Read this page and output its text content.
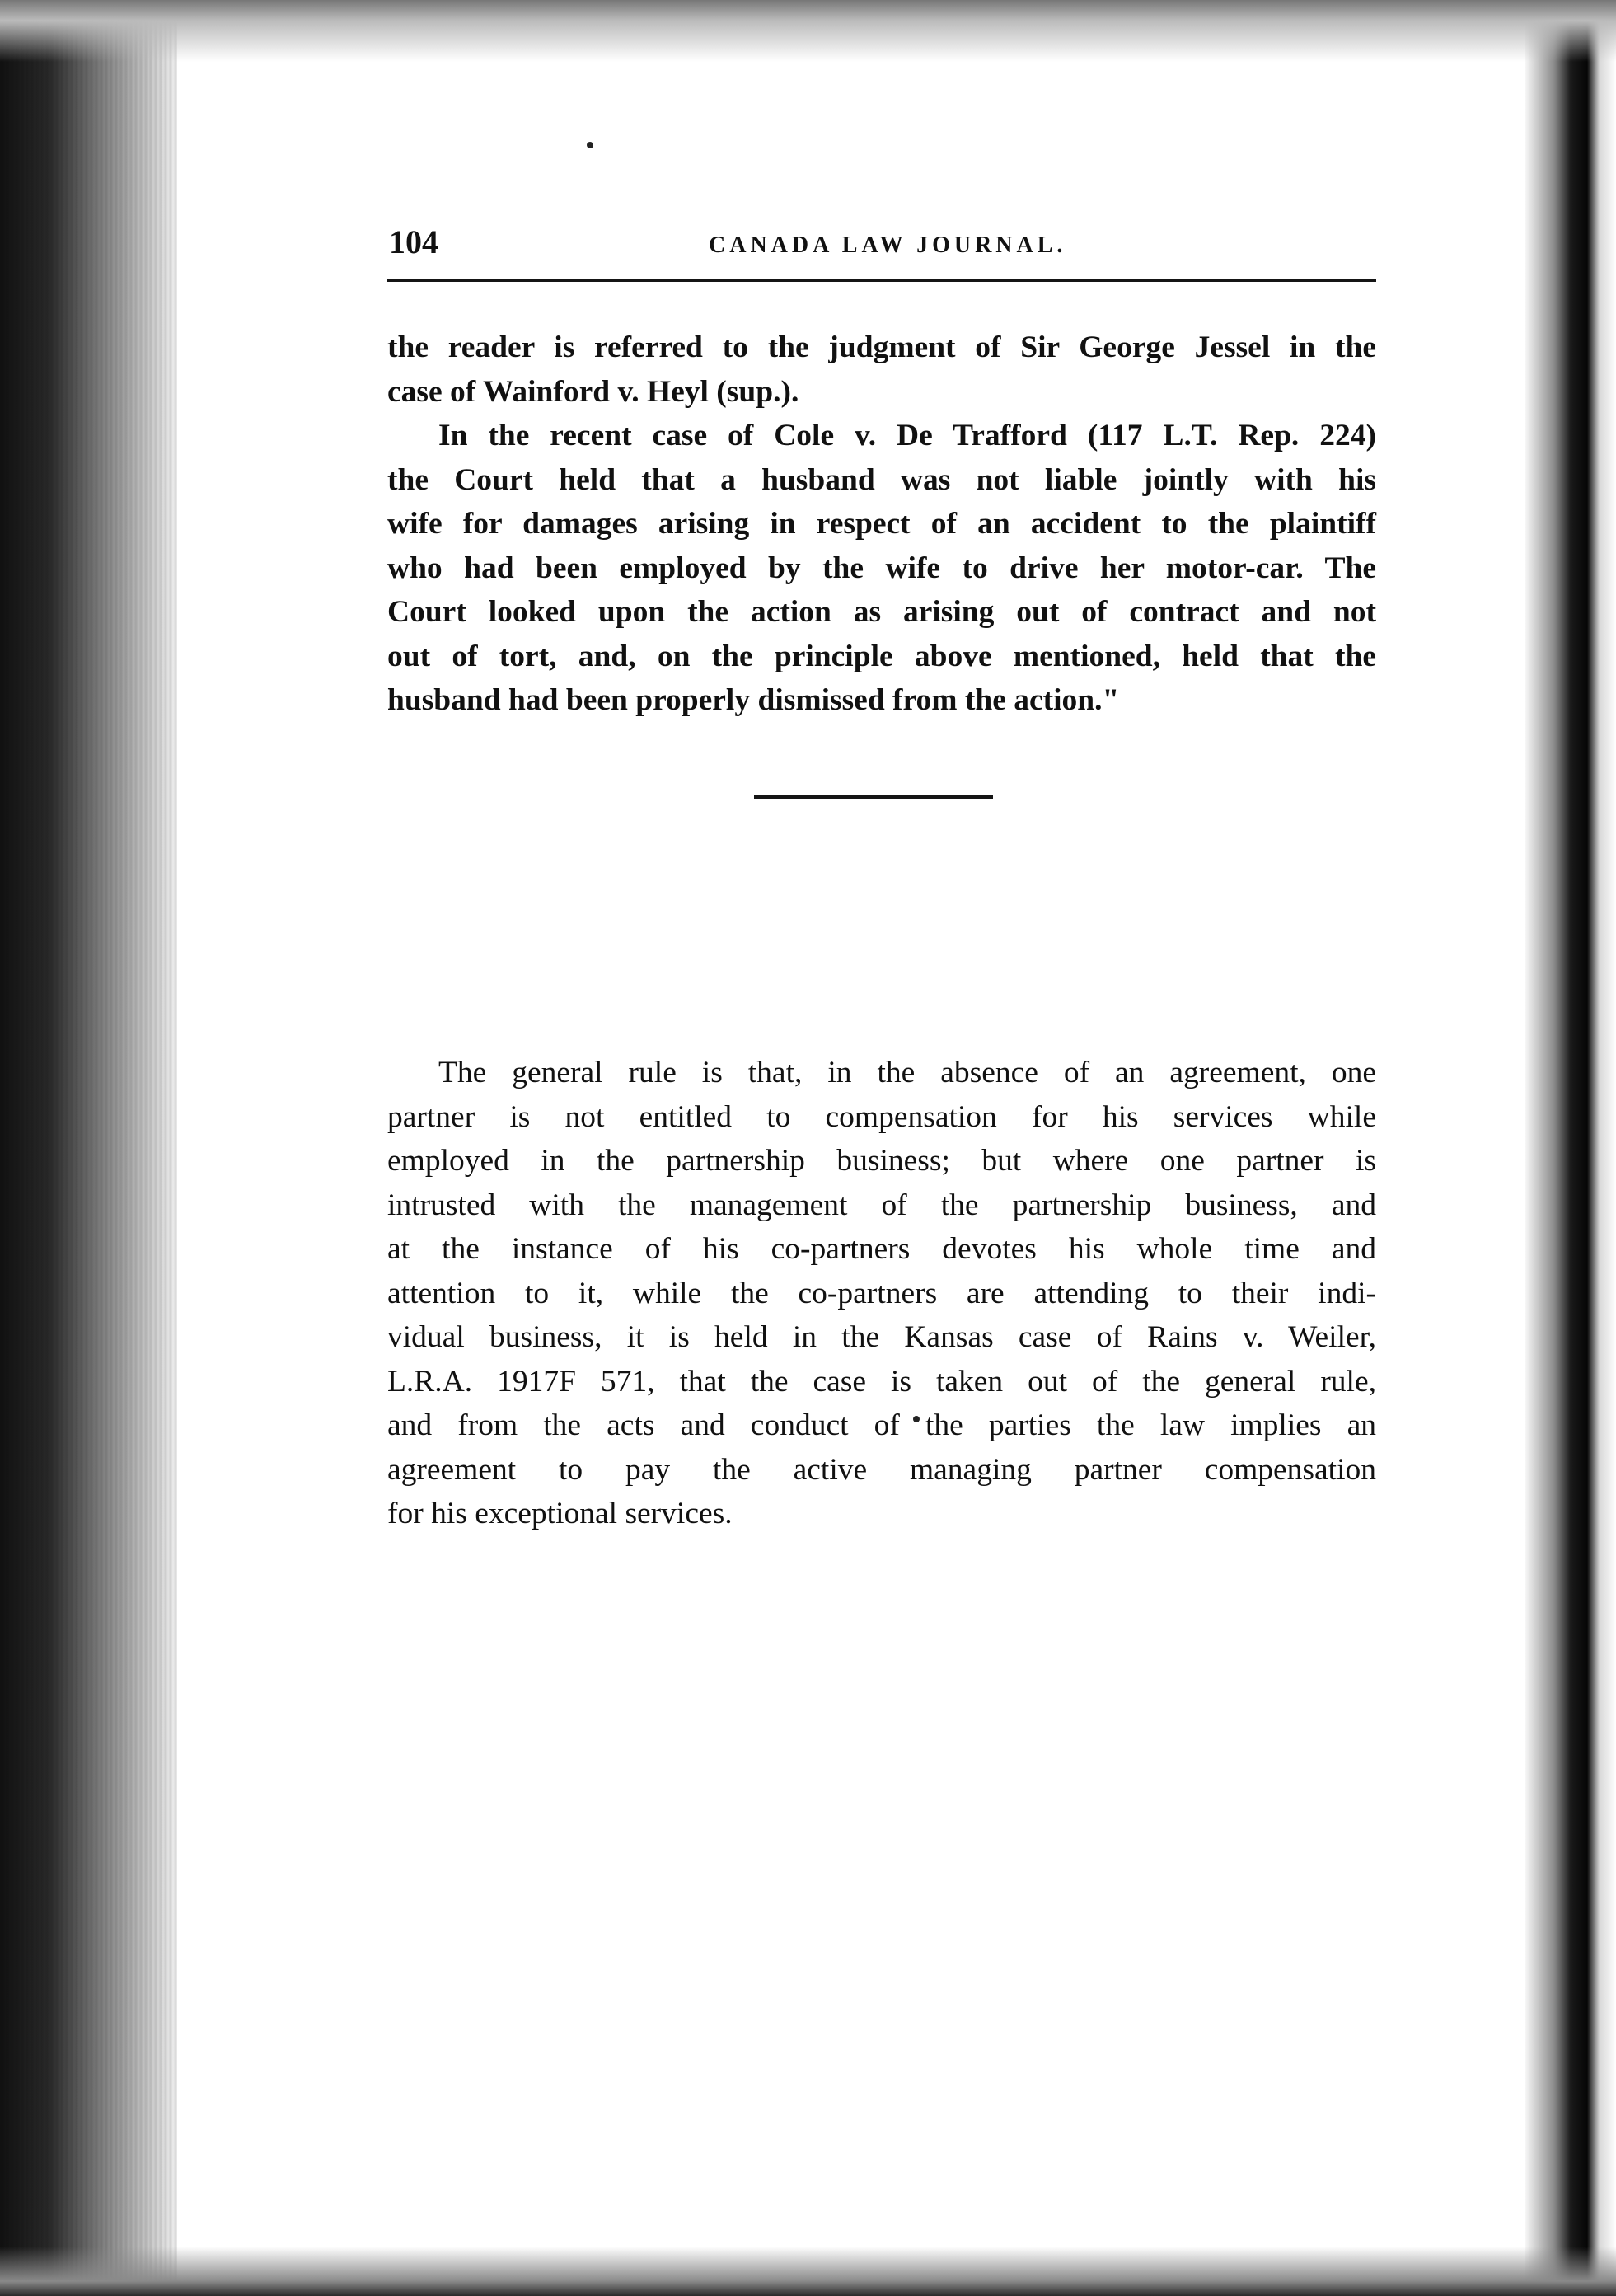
104	CANADA LAW JOURNAL.
the reader is referred to the judgment of Sir George Jessel in the
case of Wainford v. Heyl (sup.).
In the recent case of Cole v. De Trafford (117 L.T. Rep. 224)
the Court held that a husband was not liable jointly with his
wife for damages arising in respect of an accident to the plaintiff
who had been employed by the wife to drive her motor-car. The
Court looked upon the action as arising out of contract and not
out of tort, and, on the principle above mentioned, held that the
husband had been properly dismissed from the action."
The general rule is that, in the absence of an agreement, one
partner is not entitled to compensation for his services while
employed in the partnership business; but where one partner is
intrusted with the management of the partnership business, and
at the instance of his co-partners devotes his whole time and
attention to it, while the co-partners are attending to their indi-
vidual business, it is held in the Kansas case of Rains v. Weiler,
L.R.A. 1917F 571, that the case is taken out of the general rule,
and from the acts and conduct of the parties the law implies an
agreement to pay the active managing partner compensation
for his exceptional services.
